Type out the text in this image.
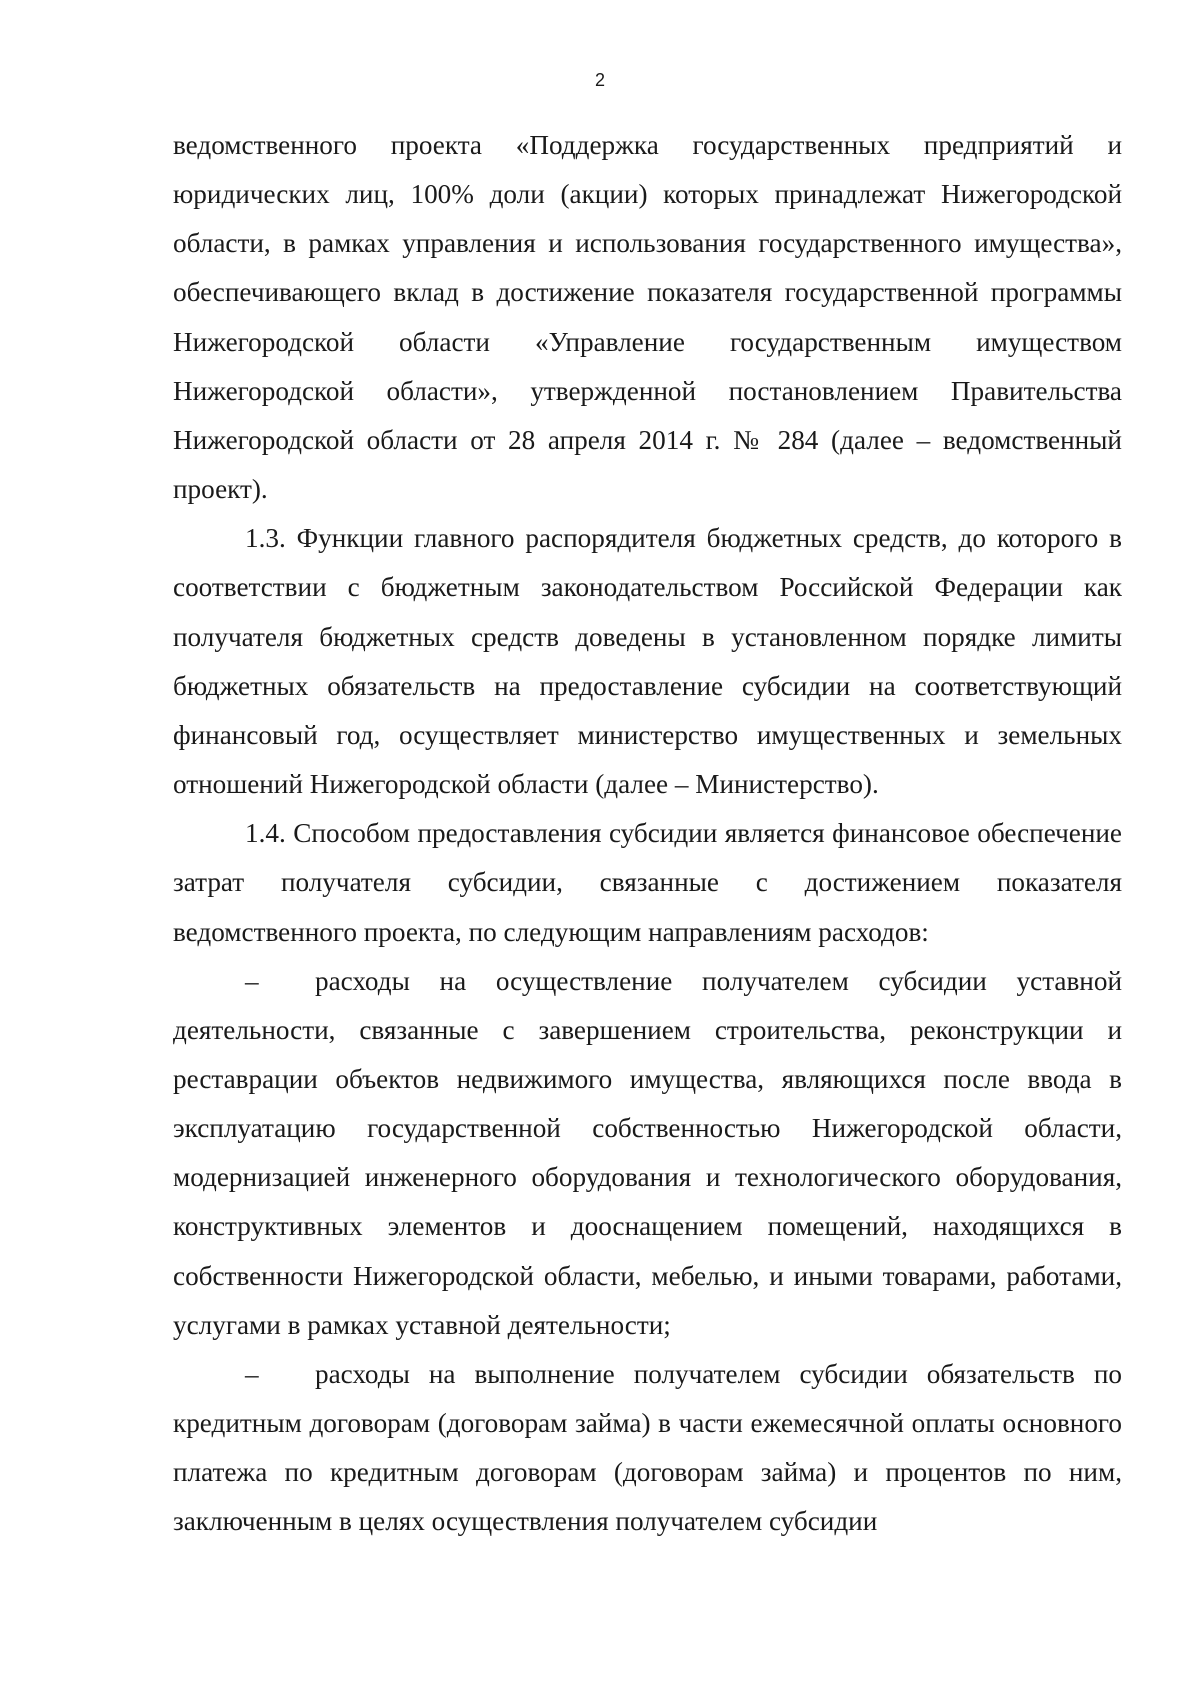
2

ведомственного проекта «Поддержка государственных предприятий и юридических лиц, 100% доли (акции) которых принадлежат Нижегородской области, в рамках управления и использования государственного имущества», обеспечивающего вклад в достижение показателя государственной программы Нижегородской области «Управление государственным имуществом Нижегородской области», утвержденной постановлением Правительства Нижегородской области от 28 апреля 2014 г. № 284 (далее – ведомственный проект).

1.3. Функции главного распорядителя бюджетных средств, до которого в соответствии с бюджетным законодательством Российской Федерации как получателя бюджетных средств доведены в установленном порядке лимиты бюджетных обязательств на предоставление субсидии на соответствующий финансовый год, осуществляет министерство имущественных и земельных отношений Нижегородской области (далее – Министерство).

1.4. Способом предоставления субсидии является финансовое обеспечение затрат получателя субсидии, связанные с достижением показателя ведомственного проекта, по следующим направлениям расходов:

– расходы на осуществление получателем субсидии уставной деятельности, связанные с завершением строительства, реконструкции и реставрации объектов недвижимого имущества, являющихся после ввода в эксплуатацию государственной собственностью Нижегородской области, модернизацией инженерного оборудования и технологического оборудования, конструктивных элементов и дооснащением помещений, находящихся в собственности Нижегородской области, мебелью, и иными товарами, работами, услугами в рамках уставной деятельности;

– расходы на выполнение получателем субсидии обязательств по кредитным договорам (договорам займа) в части ежемесячной оплаты основного платежа по кредитным договорам (договорам займа) и процентов по ним, заключенным в целях осуществления получателем субсидии
